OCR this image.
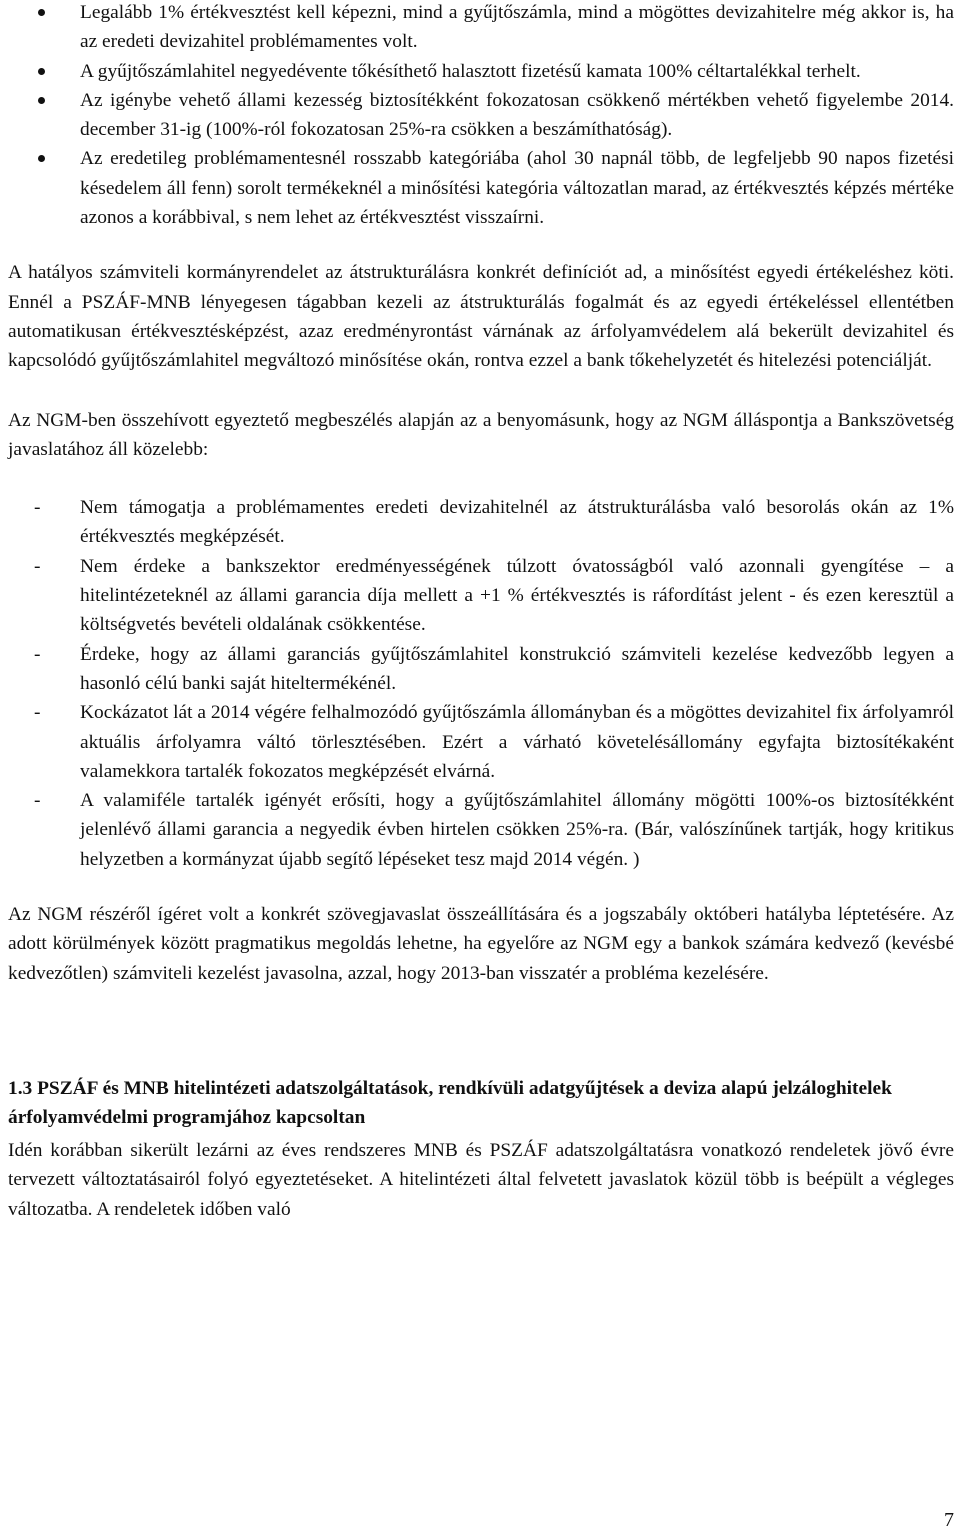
Legalább 1% értékvesztést kell képezni, mind a gyűjtőszámla, mind a mögöttes devizahitelre még akkor is, ha az eredeti devizahitel problémamentes volt.
A gyűjtőszámlahitel negyedévente tőkésíthető halasztott fizetésű kamata 100% céltartalékkal terhelt.
Az igénybe vehető állami kezesség biztosítékként fokozatosan csökkenő mértékben vehető figyelembe 2014. december 31-ig (100%-ról fokozatosan 25%-ra csökken a beszámíthatóság).
Az eredetileg problémamentesnél rosszabb kategóriába (ahol 30 napnál több, de legfeljebb 90 napos fizetési késedelem áll fenn) sorolt termékeknél a minősítési kategória változatlan marad, az értékvesztés képzés mértéke azonos a korábbival, s nem lehet az értékvesztést visszaírni.

A hatályos számviteli kormányrendelet az átstrukturálásra konkrét definíciót ad, a minősítést egyedi értékeléshez köti. Ennél a PSZÁF-MNB lényegesen tágabban kezeli az átstrukturálás fogalmát és az egyedi értékeléssel ellentétben automatikusan értékvesztésképzést, azaz eredményrontást várnának az árfolyamvédelem alá bekerült devizahitel és kapcsolódó gyűjtőszámlahitel megváltozó minősítése okán, rontva ezzel a bank tőkehelyzetét és hitelezési potenciálját.

Az NGM-ben összehívott egyeztető megbeszélés alapján az a benyomásunk, hogy az NGM álláspontja a Bankszövetség javaslatához áll közelebb:

- Nem támogatja a problémamentes eredeti devizahitelnél az átstrukturálásba való besorolás okán az 1% értékvesztés megképzését.
- Nem érdeke a bankszektor eredményességének túlzott óvatosságból való azonnali gyengítése – a hitelintézeteknél az állami garancia díja mellett a +1 % értékvesztés is ráfordítást jelent - és ezen keresztül a költségvetés bevételi oldalának csökkentése.
- Érdeke, hogy az állami garanciás gyűjtőszámlahitel konstrukció számviteli kezelése kedvezőbb legyen a hasonló célú banki saját hiteltermékénél.
- Kockázatot lát a 2014 végére felhalmozódó gyűjtőszámla állományban és a mögöttes devizahitel fix árfolyamról aktuális árfolyamra váltó törlesztésében. Ezért a várható követelésállomány egyfajta biztosítékaként valamekkora tartalék fokozatos megképzését elvárná.
- A valamiféle tartalék igényét erősíti, hogy a gyűjtőszámlahitel állomány mögötti 100%-os biztosítékként jelenlévő állami garancia a negyedik évben hirtelen csökken 25%-ra. (Bár, valószínűnek tartják, hogy kritikus helyzetben a kormányzat újabb segítő lépéseket tesz majd 2014 végén. )

Az NGM részéről ígéret volt a konkrét szövegjavaslat összeállítására és a jogszabály októberi hatályba léptetésére. Az adott körülmények között pragmatikus megoldás lehetne, ha egyelőre az NGM egy a bankok számára kedvező (kevésbé kedvezőtlen) számviteli kezelést javasolna, azzal, hogy 2013-ban visszatér a probléma kezelésére.

1.3 PSZÁF és MNB hitelintézeti adatszolgáltatások, rendkívüli adatgyűjtések a deviza alapú jelzáloghitelek árfolyamvédelmi programjához kapcsoltan

Idén korábban sikerült lezárni az éves rendszeres MNB és PSZÁF adatszolgáltatásra vonatkozó rendeletek jövő évre tervezett változtatásairól folyó egyeztetéseket. A hitelintézeti által felvetett javaslatok közül több is beépült a végleges változatba. A rendeletek időben való

7
